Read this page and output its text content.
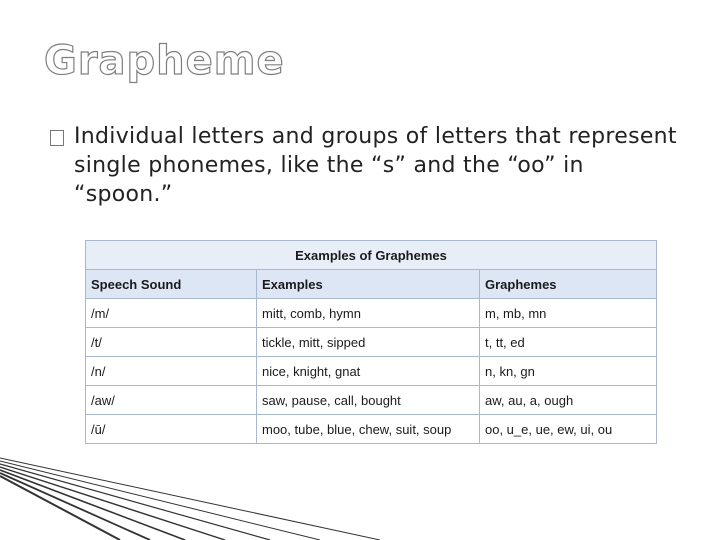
Grapheme
Individual letters and groups of letters that represent single phonemes, like the “s” and the “oo” in “spoon.”
Examples of Graphemes		
Speech Sound	Examples	Graphemes
/m/	mitt, comb, hymn	m, mb, mn
/t/	tickle, mitt, sipped	t, tt, ed
/n/	nice, knight, gnat	n, kn, gn
/aw/	saw, pause, call, bought	aw, au, a, ough
/ū/	moo, tube, blue, chew, suit, soup	oo, u_e, ue, ew, ui, ou
